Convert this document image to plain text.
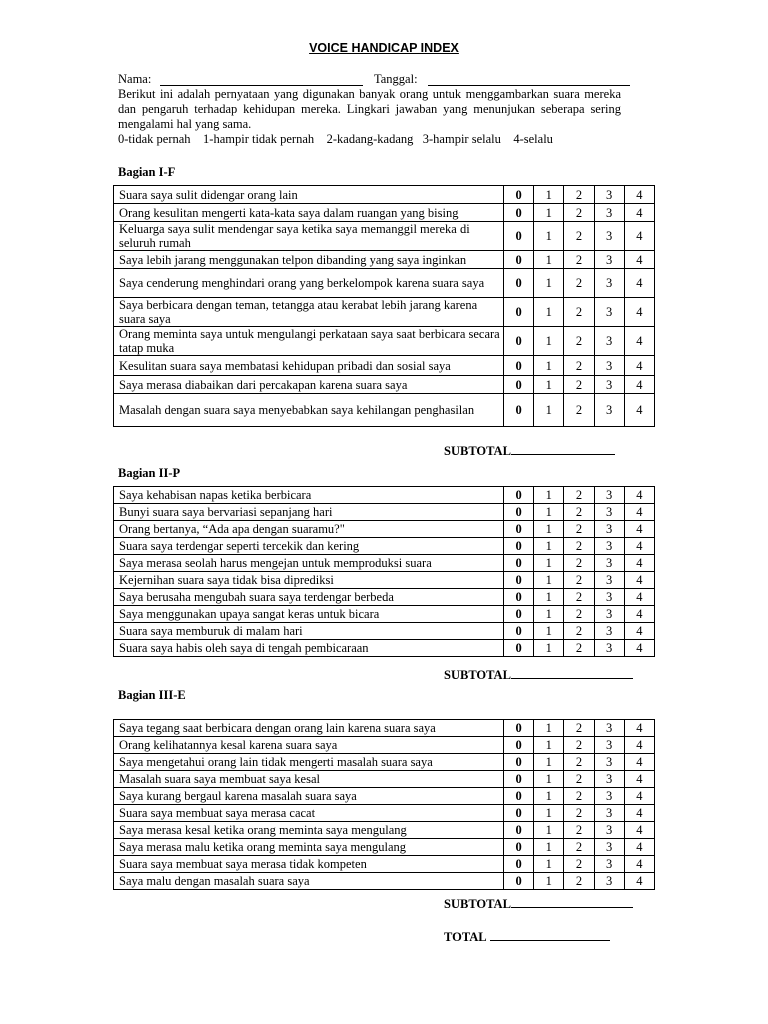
VOICE HANDICAP INDEX
Nama:	Tanggal:
Berikut ini adalah pernyataan yang digunakan banyak orang untuk menggambarkan suara mereka dan pengaruh terhadap kehidupan mereka. Lingkari jawaban yang menunjukan seberapa sering mengalami hal yang sama.
0-tidak pernah    1-hampir tidak pernah    2-kadang-kadang   3-hampir selalu    4-selalu
Bagian I-F
Suara saya sulit didengar orang lain	0	1	2	3	4
Orang kesulitan mengerti kata-kata saya dalam ruangan yang bising	0	1	2	3	4
Keluarga saya sulit mendengar saya ketika saya memanggil mereka di seluruh rumah	0	1	2	3	4
Saya lebih jarang menggunakan telpon dibanding yang saya inginkan	0	1	2	3	4
Saya cenderung menghindari orang yang berkelompok karena suara saya	0	1	2	3	4
Saya berbicara dengan teman, tetangga atau kerabat lebih jarang karena suara saya	0	1	2	3	4
Orang meminta saya untuk mengulangi perkataan saya saat berbicara secara tatap muka	0	1	2	3	4
Kesulitan suara saya membatasi kehidupan pribadi dan sosial saya	0	1	2	3	4
Saya merasa diabaikan dari percakapan karena suara saya	0	1	2	3	4
Masalah dengan suara saya menyebabkan saya kehilangan penghasilan	0	1	2	3	4
SUBTOTAL
Bagian II-P
Saya kehabisan napas ketika berbicara	0	1	2	3	4
Bunyi suara saya bervariasi sepanjang hari	0	1	2	3	4
Orang bertanya, “Ada apa dengan suaramu?"	0	1	2	3	4
Suara saya terdengar seperti tercekik dan kering	0	1	2	3	4
Saya merasa seolah harus mengejan untuk memproduksi suara	0	1	2	3	4
Kejernihan suara saya tidak bisa diprediksi	0	1	2	3	4
Saya berusaha mengubah suara saya terdengar berbeda	0	1	2	3	4
Saya menggunakan upaya sangat keras untuk bicara	0	1	2	3	4
Suara saya memburuk di malam hari	0	1	2	3	4
Suara saya habis oleh saya di tengah pembicaraan	0	1	2	3	4
SUBTOTAL
Bagian III-E
Saya tegang saat berbicara dengan orang lain karena suara saya	0	1	2	3	4
Orang kelihatannya kesal karena suara saya	0	1	2	3	4
Saya mengetahui orang lain tidak mengerti masalah suara saya	0	1	2	3	4
Masalah suara saya membuat saya kesal	0	1	2	3	4
Saya kurang bergaul karena masalah suara saya	0	1	2	3	4
Suara saya membuat saya merasa cacat	0	1	2	3	4
Saya merasa kesal ketika orang meminta saya mengulang	0	1	2	3	4
Saya merasa malu ketika orang meminta saya mengulang	0	1	2	3	4
Suara saya membuat saya merasa tidak kompeten	0	1	2	3	4
Saya malu dengan masalah suara saya	0	1	2	3	4
SUBTOTAL
TOTAL
